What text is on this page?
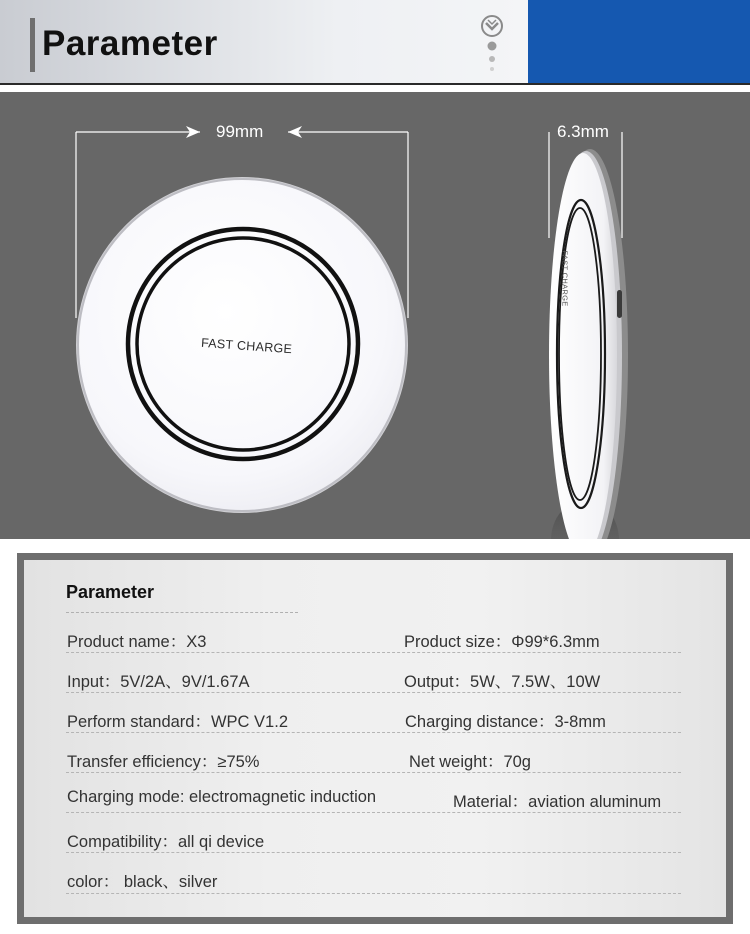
Parameter
99mm	6.3mm
FAST CHARGE
FAST CHARGE
Parameter
Product name：X3	Product size：Φ99*6.3mm
Input：5V/2A、9V/1.67A	Output：5W、7.5W、10W
Perform standard：WPC V1.2	Charging distance：3-8mm
Transfer efficiency：≥75%	Net weight：70g
Charging mode: electromagnetic induction	Material：aviation aluminum
Compatibility：all qi device
color： black、silver
